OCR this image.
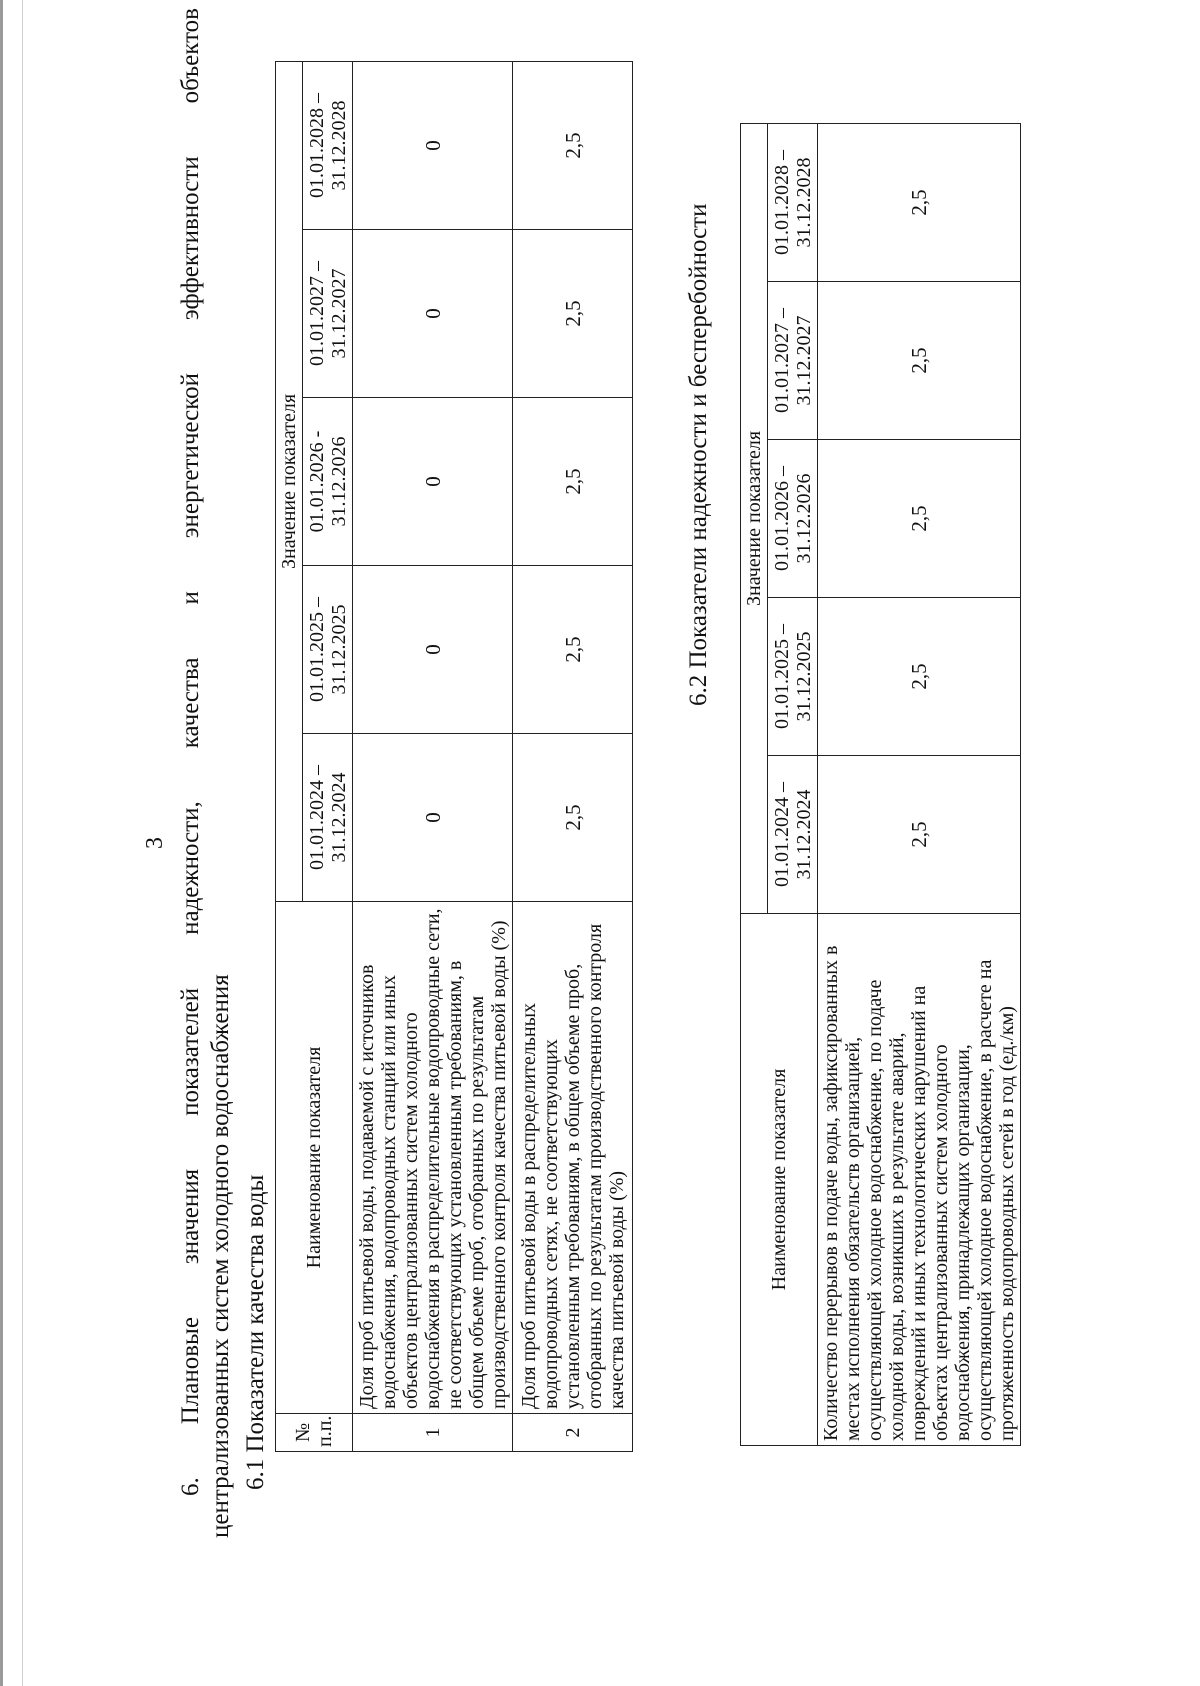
3 6. Плановые значения показателей надежности, качества и энергетической эффективности объектов централизованных систем холодного водоснабжения 6.1 Показатели качества воды № п.п.	Наименование показателя	Значение показателя				
		01.01.2024 – 31.12.2024	01.01.2025 – 31.12.2025	01.01.2026 - 31.12.2026	01.01.2027 – 31.12.2027	01.01.2028 – 31.12.2028
1	Доля проб питьевой воды, подаваемой с источников водоснабжения, водопроводных станций или иных объектов централизованных систем холодного водоснабжения в распределительные водопроводные сети, не соответствующих установленным требованиям, в общем объеме проб, отобранных по результатам производственного контроля качества питьевой воды (%)	0	0	0	0	0
2	Доля проб питьевой воды в распределительных водопроводных сетях, не соответствующих установленным требованиям, в общем объеме проб, отобранных по результатам производственного контроля качества питьевой воды (%)	2,5	2,5	2,5	2,5	2,5
6.2 Показатели надежности и бесперебойности
Наименование показателя	Значение показателя				
	01.01.2024 – 31.12.2024	01.01.2025 – 31.12.2025	01.01.2026 – 31.12.2026	01.01.2027 – 31.12.2027	01.01.2028 – 31.12.2028
Количество перерывов в подаче воды, зафиксированных в местах исполнения обязательств организацией, осуществляющей холодное водоснабжение, по подаче холодной воды, возникших в результате аварий, повреждений и иных технологических нарушений на объектах централизованных систем холодного водоснабжения, принадлежащих организации, осуществляющей холодное водоснабжение, в расчете на протяженность водопроводных сетей в год (ед./км)	2,5	2,5	2,5	2,5	2,5
